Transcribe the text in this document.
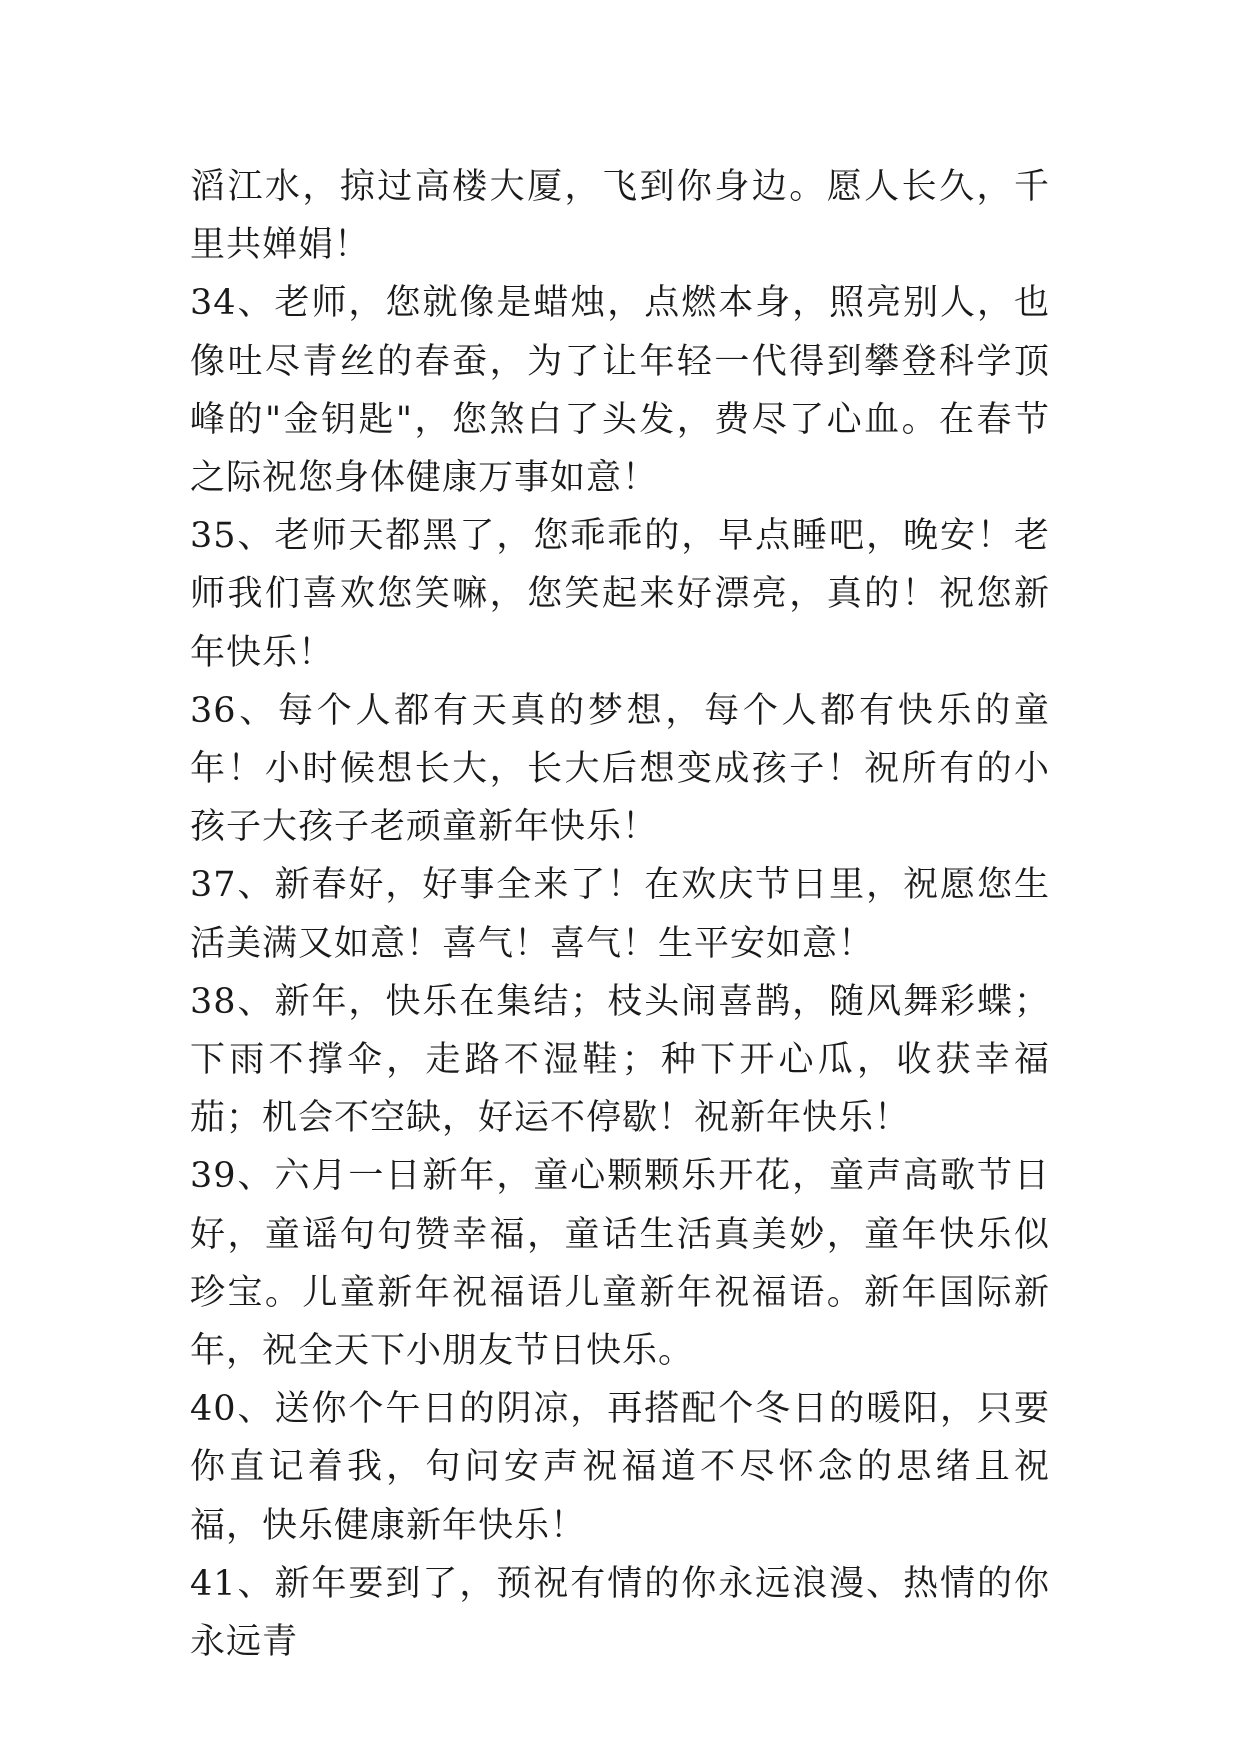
滔江水，掠过高楼大厦，飞到你身边。愿人长久，千里共婵娟！

34、老师，您就像是蜡烛，点燃本身，照亮别人，也像吐尽青丝的春蚕，为了让年轻一代得到攀登科学顶峰的"金钥匙"，您煞白了头发，费尽了心血。在春节之际祝您身体健康万事如意！

35、老师天都黑了，您乖乖的，早点睡吧，晚安！老师我们喜欢您笑嘛，您笑起来好漂亮，真的！祝您新年快乐！

36、每个人都有天真的梦想，每个人都有快乐的童年！小时候想长大，长大后想变成孩子！祝所有的小孩子大孩子老顽童新年快乐！

37、新春好，好事全来了！在欢庆节日里，祝愿您生活美满又如意！喜气！喜气！生平安如意！

38、新年，快乐在集结；枝头闹喜鹊，随风舞彩蝶；下雨不撑伞，走路不湿鞋；种下开心瓜，收获幸福茄；机会不空缺，好运不停歇！祝新年快乐！

39、六月一日新年，童心颗颗乐开花，童声高歌节日好，童谣句句赞幸福，童话生活真美妙，童年快乐似珍宝。儿童新年祝福语儿童新年祝福语。新年国际新年，祝全天下小朋友节日快乐。

40、送你个午日的阴凉，再搭配个冬日的暖阳，只要你直记着我，句问安声祝福道不尽怀念的思绪且祝福，快乐健康新年快乐！

41、新年要到了，预祝有情的你永远浪漫、热情的你永远青
